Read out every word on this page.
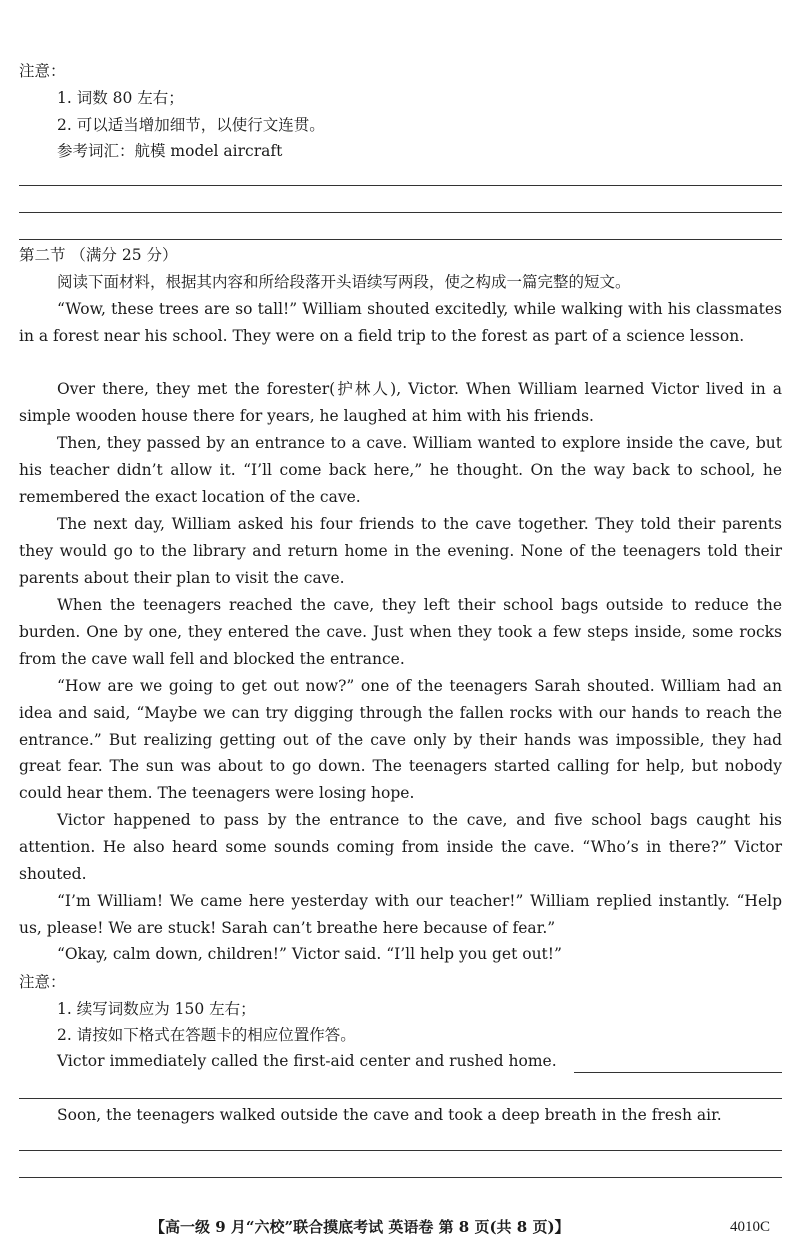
注意：
1. 词数 80 左右；
2. 可以适当增加细节，以使行文连贯。
参考词汇：航模 model aircraft
第二节 （满分 25 分）
阅读下面材料，根据其内容和所给段落开头语续写两段，使之构成一篇完整的短文。
“Wow, these trees are so tall!” William shouted excitedly, while walking with his classmates in a forest near his school. They were on a field trip to the forest as part of a science lesson.
Over there, they met the forester(护林人), Victor. When William learned Victor lived in a simple wooden house there for years, he laughed at him with his friends.
Then, they passed by an entrance to a cave. William wanted to explore inside the cave, but his teacher didn’t allow it. “I’ll come back here,” he thought. On the way back to school, he remembered the exact location of the cave.
The next day, William asked his four friends to the cave together. They told their parents they would go to the library and return home in the evening. None of the teenagers told their parents about their plan to visit the cave.
When the teenagers reached the cave, they left their school bags outside to reduce the burden. One by one, they entered the cave. Just when they took a few steps inside, some rocks from the cave wall fell and blocked the entrance.
“How are we going to get out now?” one of the teenagers Sarah shouted. William had an idea and said, “Maybe we can try digging through the fallen rocks with our hands to reach the entrance.” But realizing getting out of the cave only by their hands was impossible, they had great fear. The sun was about to go down. The teenagers started calling for help, but nobody could hear them. The teenagers were losing hope.
Victor happened to pass by the entrance to the cave, and five school bags caught his attention. He also heard some sounds coming from inside the cave. “Who’s in there?” Victor shouted.
“I’m William! We came here yesterday with our teacher!” William replied instantly. “Help us, please! We are stuck! Sarah can’t breathe here because of fear.”
“Okay, calm down, children!” Victor said. “I’ll help you get out!”
注意：
1. 续写词数应为 150 左右；
2. 请按如下格式在答题卡的相应位置作答。
Victor immediately called the first-aid center and rushed home.
Soon, the teenagers walked outside the cave and took a deep breath in the fresh air.
【高一级 9 月“六校”联合摸底考试 英语卷 第 8 页(共 8 页)】	4010C
